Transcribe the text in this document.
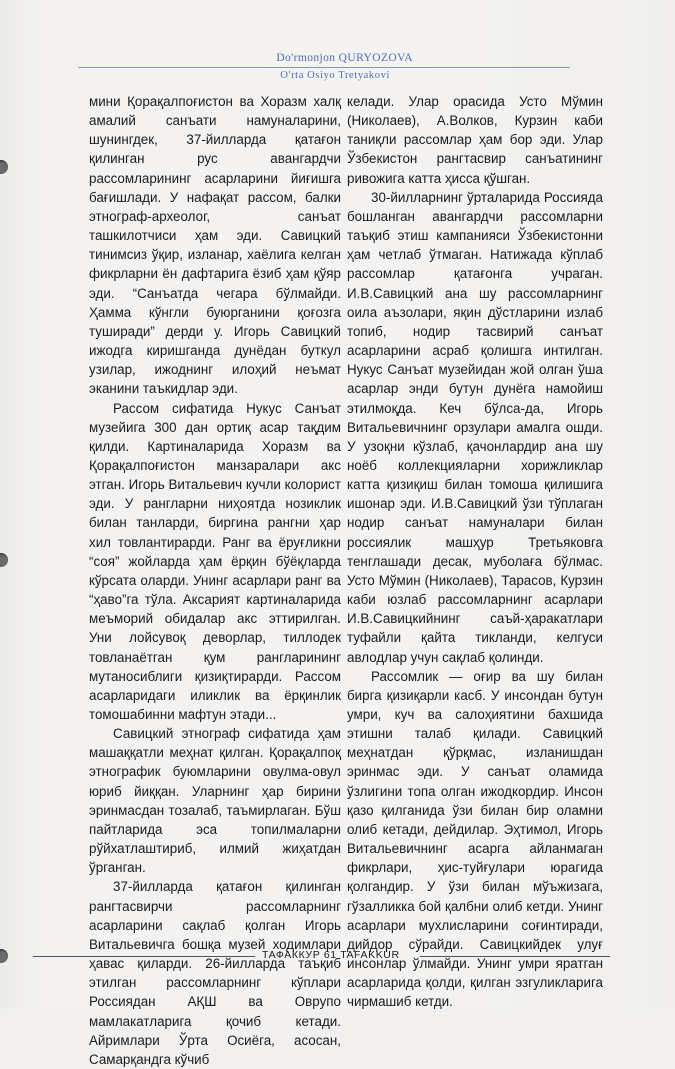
Do'rmonjon QURYOZOVA
O'rta Osiyo Tretyakovi

мини Қорақалпоғистон ва Хоразм халқ амалий санъати намуналарини, шунингдек, 37-йилларда қатағон қилинган рус авангардчи рассомларининг асарларини йиғишга бағишлади. У нафақат рассом, балки этнограф-археолог, санъат ташкилотчиси ҳам эди. Савицкий тинимсиз ўқир, изланар, хаёлига келган фикрларни ён дафтарига ёзиб ҳам қўяр эди. “Санъатда чегара бўлмайди. Ҳамма кўнгли буюрганини қоғозга туширади” дерди у. Игорь Савицкий ижодга киришганда дунёдан буткул узилар, ижоднинг илоҳий неъмат эканини таъкидлар эди.

Рассом сифатида Нукус Санъат музейига 300 дан ортиқ асар тақдим қилди. Картиналарида Хоразм ва Қорақалпоғистон манзаралари акс этган. Игорь Витальевич кучли колорист эди. У рангларни ниҳоятда нозиклик билан танларди, биргина рангни ҳар хил товлантирарди. Ранг ва ёруғликни “соя” жойларда ҳам ёрқин бўёқларда кўрсата оларди. Унинг асарлари ранг ва “ҳаво”га тўла. Аксарият картиналарида меъморий обидалар акс эттирилган. Уни лойсувоқ деворлар, тиллодек товланаётган қум рангларининг мутаносиблиги қизиқтирарди. Рассом асарларидаги иликлик ва ёрқинлик томошабинни мафтун этади...

Савицкий этнограф сифатида ҳам машаққатли меҳнат қилган. Қорақалпоқ этнографик буюмларини овулма-овул юриб йиққан. Уларнинг ҳар бирини эринмасдан тозалаб, таъмирлаган. Бўш пайтларида эса топилмаларни рўйхатлаштириб, илмий жиҳатдан ўрганган.

37-йилларда қатағон қилинган рангтасвирчи рассомларнинг асарларини сақлаб қолган Игорь Витальевичга бошқа музей ходимлари ҳавас қиларди. 26-йилларда таъқиб этилган рассомларнинг кўплари Россиядан АҚШ ва Оврупо мамлакатларига қочиб кетади. Айримлари Ўрта Осиёга, асосан, Самарқандга кўчиб

келади. Улар орасида Усто Мўмин (Николаев), А.Волков, Курзин каби таниқли рассомлар ҳам бор эди. Улар Ўзбекистон рангтасвир санъатининг ривожига катта ҳисса қўшган.

30-йилларнинг ўрталарида Россияда бошланган авангардчи рассомларни таъқиб этиш кампанияси Ўзбекистонни ҳам четлаб ўтмаган. Натижада кўплаб рассомлар қатағонга учраган. И.В.Савицкий ана шу рассомларнинг оила аъзолари, яқин дўстларини излаб топиб, нодир тасвирий санъат асарларини асраб қолишга интилган. Нукус Санъат музейидан жой олган ўша асарлар энди бутун дунёга намойиш этилмоқда. Кеч бўлса-да, Игорь Витальевичнинг орзулари амалга ошди. У узоқни кўзлаб, қачонлардир ана шу ноёб коллекцияларни хорижликлар катта қизиқиш билан томоша қилишига ишонар эди. И.В.Савицкий ўзи тўплаган нодир санъат намуналари билан россиялик машҳур Третьяковга тенглашади десак, муболаға бўлмас. Усто Мўмин (Николаев), Тарасов, Курзин каби юзлаб рассомларнинг асарлари И.В.Савицкийнинг саъй-ҳаракатлари туфайли қайта тикланди, келгуси авлодлар учун сақлаб қолинди.

Рассомлик — оғир ва шу билан бирга қизиқарли касб. У инсондан бутун умри, куч ва салоҳиятини бахшида этишни талаб қилади. Савицкий меҳнатдан қўрқмас, изланишдан эринмас эди. У санъат оламида ўзлигини топа олган ижодкордир. Инсон қазо қилганида ўзи билан бир оламни олиб кетади, дейдилар. Эҳтимол, Игорь Витальевичнинг асарга айланмаган фикрлари, ҳис-туйғулари юрагида қолгандир. У ўзи билан мўъжизага, гўзалликка бой қалбни олиб кетди. Унинг асарлари мухлисларини соғинтиради, дийдор сўрайди. Савицкийдек улуғ инсонлар ўлмайди. Унинг умри яратган асарларида қолди, қилган эзгуликларига чирмашиб кетди.

ТАФАККУР 61 TAFAKKUR
